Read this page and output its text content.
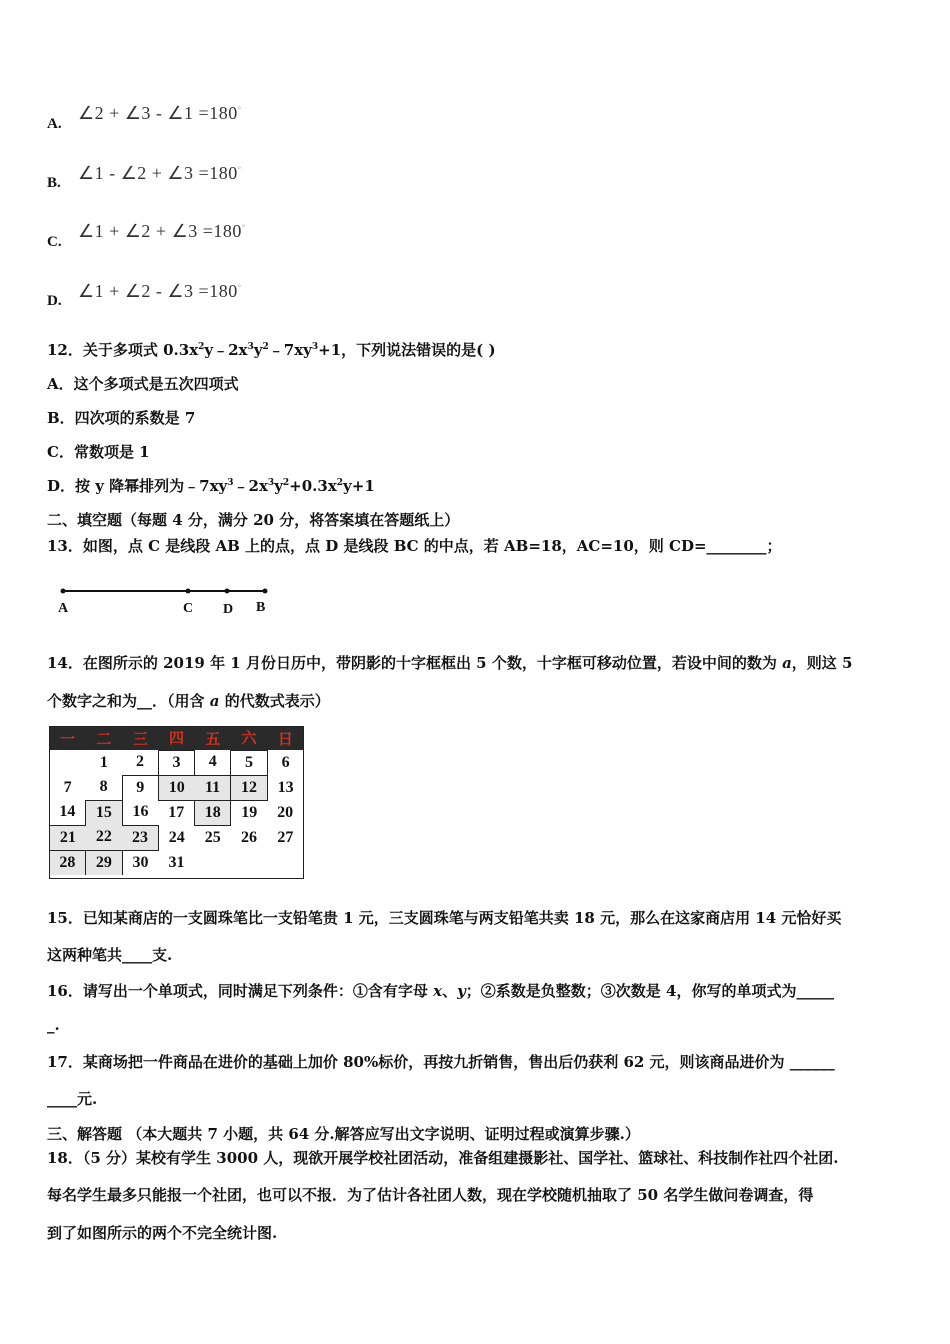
A.
∠2 + ∠3 - ∠1 =180°
B. ∠1 - ∠2 + ∠3 =180°
C.
∠1 + ∠2 + ∠3 =180°
D. ∠1 + ∠2 - ∠3 =180°
12．关于多项式 $0.3x^2y﹣2x^3y^2﹣7xy^3+1$，下列说法错误的是( )
A．这个多项式是五次四项式
B．四次项的系数是 7
C．常数项是 1
D．按 y 降幂排列为$﹣7xy^3﹣2x^3y^2+0.3x^2y+1$
二、填空题（每题 4 分，满分 20 分，将答案填在答题纸上）
13．如图，点 C 是线段 AB 上的点，点 D 是线段 BC 的中点，若 AB=18，AC=10，则 CD=________；
A	C D B
14．在图所示的 2019 年 1 月份日历中，带阴影的十字框框出 5 个数，十字框可移动位置，若设中间的数为 a，则这 5
个数字之和为__．（用含 a 的代数式表示）
一	二	三	四	五	六	日
	1	2	3	4	5	6
7	8	9	10	11	12	13
14	15	16	17	18	19	20
21	22	23	24	25	26	27
28	29	30	31			
15．已知某商店的一支圆珠笔比一支铅笔贵 1 元，三支圆珠笔与两支铅笔共卖 18 元，那么在这家商店用 14 元恰好买
这两种笔共____支.
16．请写出一个单项式，同时满足下列条件：①含有字母 x、y；②系数是负整数；③次数是 4，你写的单项式为_____
_.
17．某商场把一件商品在进价的基础上加价 80%标价，再按九折销售，售出后仍获利 62 元，则该商品进价为 ______
____元.
三、解答题 （本大题共 7 小题，共 64 分.解答应写出文字说明、证明过程或演算步骤.）
18．（5 分）某校有学生 3000 人，现欲开展学校社团活动，准备组建摄影社、国学社、篮球社、科技制作社四个社团.
每名学生最多只能报一个社团，也可以不报．为了估计各社团人数，现在学校随机抽取了 50 名学生做问卷调查，得
到了如图所示的两个不完全统计图.
